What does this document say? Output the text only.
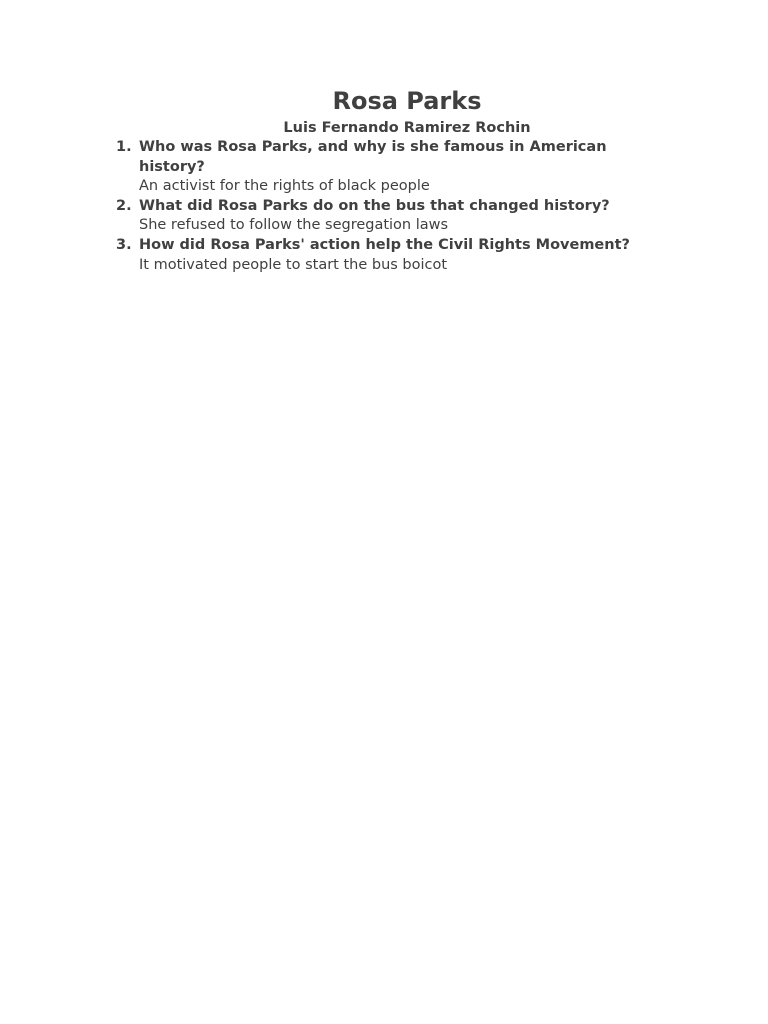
Rosa Parks

Luis Fernando Ramirez Rochin

1. Who was Rosa Parks, and why is she famous in American history?

An activist for the rights of black people

2. What did Rosa Parks do on the bus that changed history?

She refused to follow the segregation laws

3. How did Rosa Parks' action help the Civil Rights Movement?

It motivated people to start the bus boicot
